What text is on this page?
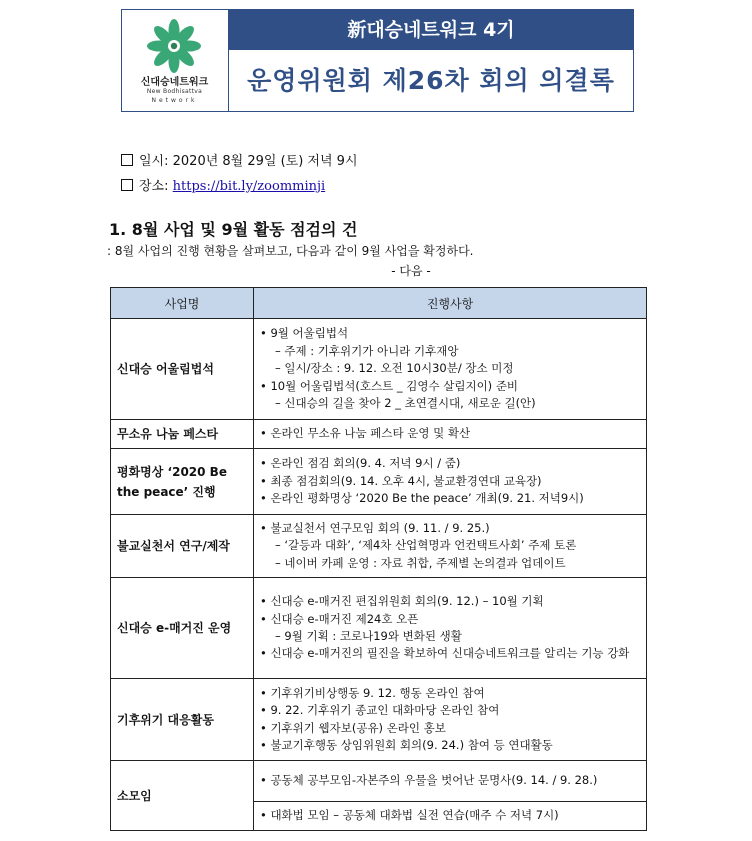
신대승네트워크
New Bodhisattva
Network
新대승네트워크 4기
운영위원회 제26차 회의 의결록
일시: 2020년 8월 29일 (토) 저녁 9시
장소: https://bit.ly/zoomminji
1. 8월 사업 및 9월 활동 점검의 건
: 8월 사업의 진행 현황을 살펴보고, 다음과 같이 9월 사업을 확정하다.
- 다음 -
사업명	진행사항
신대승 어울림법석	• 9월 어울림법석
– 주제 : 기후위기가 아니라 기후재앙
– 일시/장소 : 9. 12. 오전 10시30분/ 장소 미정
• 10월 어울림법석(호스트 _ 김영수 살림지이) 준비
– 신대승의 길을 찾아 2 _ 초연결시대, 새로운 길(안)

무소유 나눔 페스타	• 온라인 무소유 나눔 페스타 운영 및 확산

평화명상 ‘2020 Be the peace’ 진행	• 온라인 점검 회의(9. 4. 저녁 9시 / 줌)
• 최종 점검회의(9. 14. 오후 4시, 불교환경연대 교육장)
• 온라인 평화명상 ‘2020 Be the peace’ 개최(9. 21. 저녁9시)

불교실천서 연구/제작	• 불교실천서 연구모임 회의 (9. 11. / 9. 25.)
– ‘갈등과 대화’, ‘제4차 산업혁명과 언컨택트사회’ 주제 토론
– 네이버 카페 운영 : 자료 취합, 주제별 논의결과 업데이트

신대승 e-매거진 운영	• 신대승 e-매거진 편집위원회 회의(9. 12.) – 10월 기획
• 신대승 e-매거진 제24호 오픈
– 9월 기획 : 코로나19와 변화된 생활
• 신대승 e-매거진의 필진을 확보하여 신대승네트워크를 알리는 기능 강화

기후위기 대응활동	• 기후위기비상행동 9. 12. 행동 온라인 참여
• 9. 22. 기후위기 종교인 대화마당 온라인 참여
• 기후위기 웹자보(공유) 온라인 홍보
• 불교기후행동 상임위원회 회의(9. 24.) 참여 등 연대활동

소모임	• 공동체 공부모임-자본주의 우물을 벗어난 문명사(9. 14. / 9. 28.)

	• 대화법 모임 – 공동체 대화법 실전 연습(매주 수 저녁 7시)
